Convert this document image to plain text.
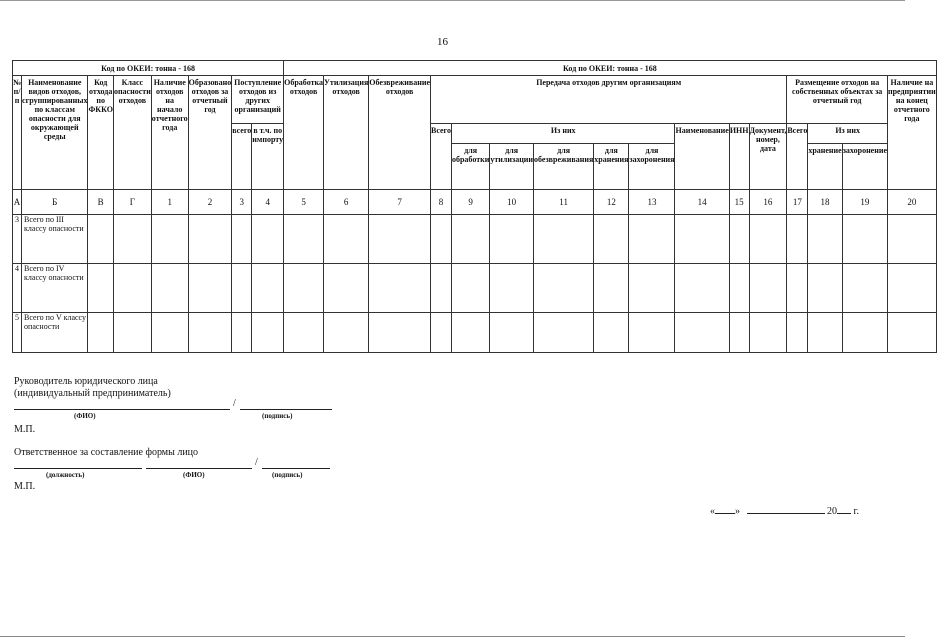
16
Код по ОКЕИ: тонна - 168								Код по ОКЕИ: тонна - 168															
№ п/п	Наименование видов отходов, сгруппированных по классам опасности для окружающей среды	Код отхода по ФККО	Класс опасности отходов	Наличие отходов на начало отчетного года	Образовано отходов за отчетный год	Поступление отходов из других организаций		Обработка отходов	Утилизация отходов	Обезвреживание отходов	Передача отходов другим организациям									Размещение отходов на собственных объектах за отчетный год			Наличие на предприятии на конец отчетного года
						всего	в т.ч. по импорту				Всего	Из них					Наименование	ИНН	Документ, номер, дата	Всего	Из них		
												для обработки	для утилизации	для обезвреживания	для хранения	для захоронения					хранение	захоронение	
А	Б	В	Г	1	2	3	4	5	6	7	8	9	10	11	12	13	14	15	16	17	18	19	20
3	Всего по III классу опасности																						
4	Всего по IV классу опасности																						
5	Всего по V классу опасности																						
Руководитель юридического лица
(индивидуальный предприниматель)
/
(ФИО)	(подпись)
М.П.
Ответственное за составление формы лицо
/
(должность)	(ФИО)	(подпись)
М.П.
« »	20 г.
